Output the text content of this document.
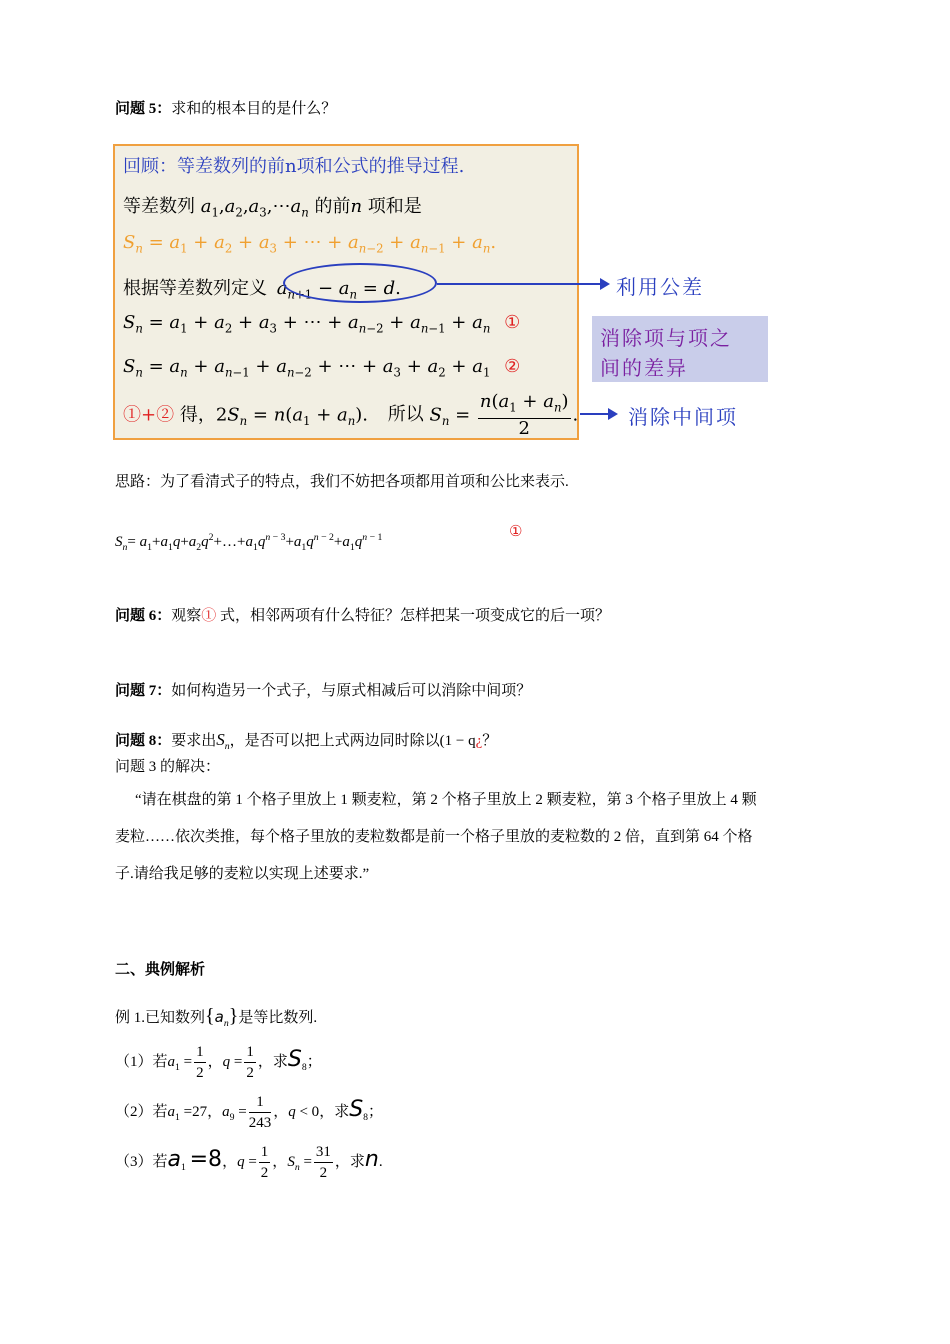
问题 5：求和的根本目的是什么？
回顾：等差数列的前n项和公式的推导过程.
等差数列 $a_1,a_2,a_3,\cdots a_n$ 的前n 项和是
$S_n = a_1 + a_2 + a_3$ + ⋯ + $a_{n-2} + a_{n-1} + a_n$.
根据等差数列定义 $a_{n+1} - a_n = d$.
$S_n = a_1 + a_2 + a_3$ + ⋯ + $a_{n-2} + a_{n-1} + a_n$ ①
$S_n = a_n + a_{n-1} + a_{n-2}$ + ⋯ + $a_3 + a_2 + a_1$ ②
①+② 得，$2S_n = n(a_1 + a_n)$. 所以 $S_n = \frac{n(a_1 + a_n)}{2}$ .
利用公差
消除项与项之
间的差异
消除中间项
思路：为了看清式子的特点，我们不妨把各项都用首项和公比来表示.
$S_n=$ $a_1+a_1q+a_2q^2+\dots+a_1q^{n - 3}+a_1q^{n - 2}+a_1q^{n - 1}$	①
问题 6：观察① 式，相邻两项有什么特征？怎样把某一项变成它的后一项？
问题 7：如何构造另一个式子，与原式相减后可以消除中间项？
问题 8：要求出$S_n$，是否可以把上式两边同时除以(1 − q¿？
问题 3 的解决：
“请在棋盘的第 1 个格子里放上 1 颗麦粒，第 2 个格子里放上 2 颗麦粒，第 3 个格子里放上 4 颗
麦粒……依次类推，每个格子里放的麦粒数都是前一个格子里放的麦粒数的 2 倍，直到第 64 个格
子.请给我足够的麦粒以实现上述要求.”
二、典例解析
例 1.已知数列$\{a_n\}$是等比数列.
（1）若$a_1 = \frac{1}{2}$ ，$q = \frac{1}{2}$ ，求$S_8$；
（2）若$a_1 =27$，$a_9 = \frac{1}{243}$ ，q < 0，求$S_8$；
（3）若$a_1 =8$，$q = \frac{1}{2}$ ，$S_n = \frac{31}{2}$ ，求n.
